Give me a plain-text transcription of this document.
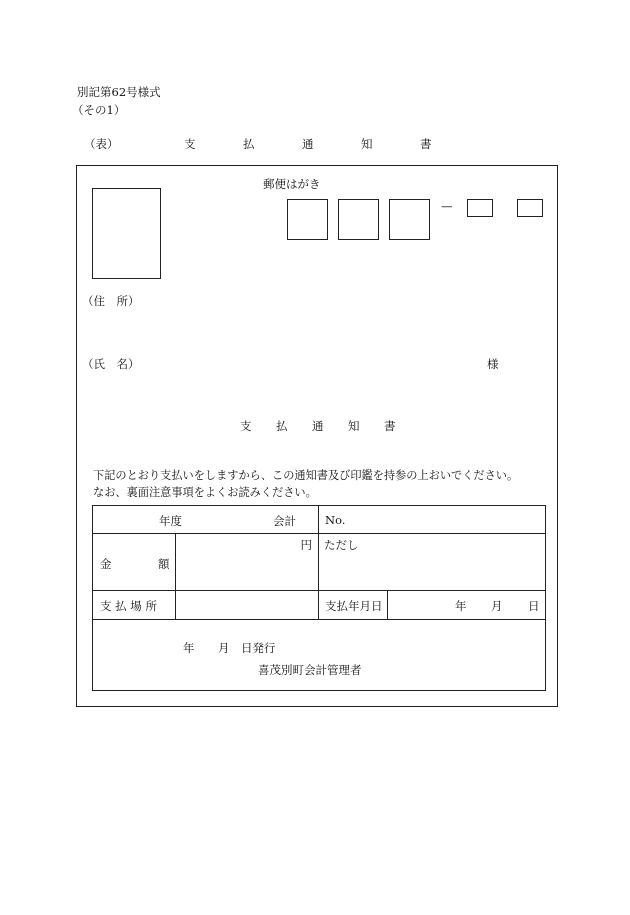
別記第62号様式
（その1）
（表）	支	払	通	知	書
郵便はがき
—
（住　所）
（氏　名）	様
支 払 通 知 書
下記のとおり支払いをしますから、この通知書及び印鑑を持参の上おいでください。
なお、裏面注意事項をよくお読みください。
年度 会計		No.	

金 額	円	ただし	

支 払 場 所		支払年月日	年 月 日

年 月 日発行
喜茂別町会計管理者			
